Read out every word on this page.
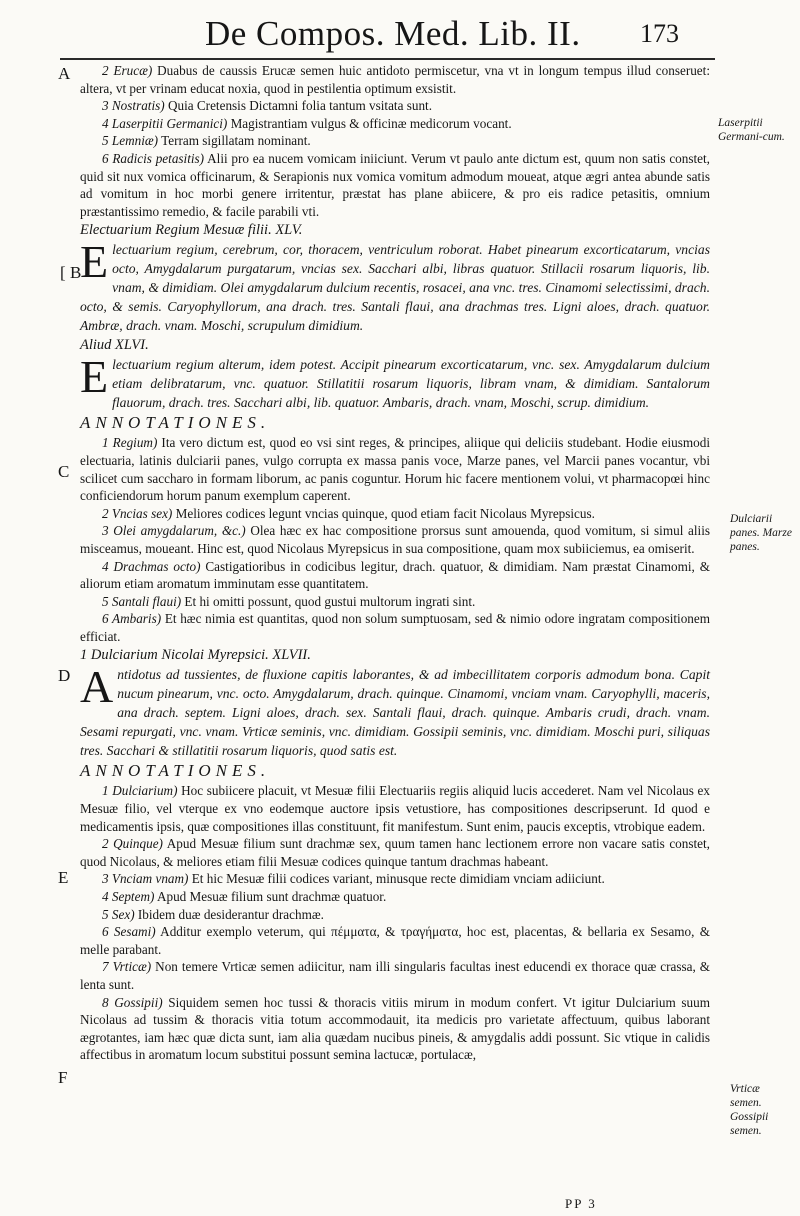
De Compos. Med. Lib. II. 173
A
B
[
C
D
E
F
Laserpitii Germani-cum.
Dulciarii panes. Marze panes.
Vrticæ semen. Gossipii semen.

2 Erucæ) Duabus de caussis Erucæ semen huic antidoto permiscetur, vna vt in longum tempus illud conseruet: altera, vt per vrinam educat noxia, quod in pestilentia optimum exsistit.

3 Nostratis) Quia Cretensis Dictamni folia tantum vsitata sunt.

4 Laserpitii Germanici) Magistrantiam vulgus & officinæ medicorum vocant.

5 Lemniæ) Terram sigillatam nominant.

6 Radicis petasitis) Alii pro ea nucem vomicam iniiciunt. Verum vt paulo ante dictum est, quum non satis constet, quid sit nux vomica officinarum, & Serapionis nux vomica vomitum admodum moueat, atque ægri antea abunde satis ad vomitum in hoc morbi genere irritentur, præstat has plane abiicere, & pro eis radice petasitis, omnium præstantissimo remedio, & facile parabili vti.

Electuarium Regium Mesuæ filii. XLV.

Electuarium regium, cerebrum, cor, thoracem, ventriculum roborat. Habet pinearum excorticatarum, vncias octo, Amygdalarum purgatarum, vncias sex. Sacchari albi, libras quatuor. Stillacii rosarum liquoris, lib. vnam, & dimidiam. Olei amygdalarum dulcium recentis, rosacei, ana vnc. tres. Cinamomi selectissimi, drach. octo, & semis. Caryophyllorum, ana drach. tres. Santali flaui, ana drachmas tres. Ligni aloes, drach. quatuor. Ambræ, drach. vnam. Moschi, scrupulum dimidium.

Aliud XLVI.

Electuarium regium alterum, idem potest. Accipit pinearum excorticatarum, vnc. sex. Amygdalarum dulcium etiam delibratarum, vnc. quatuor. Stillatitii rosarum liquoris, libram vnam, & dimidiam. Santalorum flauorum, drach. tres. Sacchari albi, lib. quatuor. Ambaris, drach. vnam, Moschi, scrup. dimidium.

ANNOTATIONES.

1 Regium) Ita vero dictum est, quod eo vsi sint reges, & principes, aliique qui deliciis studebant. Hodie eiusmodi electuaria, latinis dulciarii panes, vulgo corrupta ex massa panis voce, Marze panes, vel Marcii panes vocantur, vbi scilicet cum saccharo in formam liborum, ac panis coguntur. Horum hic facere mentionem volui, vt pharmacopœi hinc conficiendorum horum panum exemplum caperent.

2 Vncias sex) Meliores codices legunt vncias quinque, quod etiam facit Nicolaus Myrepsicus.

3 Olei amygdalarum, &c.) Olea hæc ex hac compositione prorsus sunt amouenda, quod vomitum, si simul aliis misceamus, moueant. Hinc est, quod Nicolaus Myrepsicus in sua compositione, quam mox subiiciemus, ea omiserit.

4 Drachmas octo) Castigatioribus in codicibus legitur, drach. quatuor, & dimidiam. Nam præstat Cinamomi, & aliorum etiam aromatum imminutam esse quantitatem.

5 Santali flaui) Et hi omitti possunt, quod gustui multorum ingrati sint.

6 Ambaris) Et hæc nimia est quantitas, quod non solum sumptuosam, sed & nimio odore ingratam compositionem efficiat.

1 Dulciarium Nicolai Myrepsici. XLVII.

Antidotus ad tussientes, de fluxione capitis laborantes, & ad imbecillitatem corporis admodum bona. Capit nucum pinearum, vnc. octo. Amygdalarum, drach. quinque. Cinamomi, vnciam vnam. Caryophylli, maceris, ana drach. septem. Ligni aloes, drach. sex. Santali flaui, drach. quinque. Ambaris crudi, drach. vnam. Sesami repurgati, vnc. vnam. Vrticæ seminis, vnc. dimidiam. Gossipii seminis, vnc. dimidiam. Moschi puri, siliquas tres. Sacchari & stillatitii rosarum liquoris, quod satis est.

ANNOTATIONES.

1 Dulciarium) Hoc subiicere placuit, vt Mesuæ filii Electuariis regiis aliquid lucis accederet. Nam vel Nicolaus ex Mesuæ filio, vel vterque ex vno eodemque auctore ipsis vetustiore, has compositiones descripserunt. Id quod e medicamentis ipsis, quæ compositiones illas constituunt, fit manifestum. Sunt enim, paucis exceptis, vtrobique eadem.

2 Quinque) Apud Mesuæ filium sunt drachmæ sex, quum tamen hanc lectionem errore non vacare satis constet, quod Nicolaus, & meliores etiam filii Mesuæ codices quinque tantum drachmas habeant.

3 Vnciam vnam) Et hic Mesuæ filii codices variant, minusque recte dimidiam vnciam adiiciunt.

4 Septem) Apud Mesuæ filium sunt drachmæ quatuor.

5 Sex) Ibidem duæ desiderantur drachmæ.

6 Sesami) Additur exemplo veterum, qui πέμματα, & τραγήματα, hoc est, placentas, & bellaria ex Sesamo, & melle parabant.

7 Vrticæ) Non temere Vrticæ semen adiicitur, nam illi singularis facultas inest educendi ex thorace quæ crassa, & lenta sunt.

8 Gossipii) Siquidem semen hoc tussi & thoracis vitiis mirum in modum confert. Vt igitur Dulciarium suum Nicolaus ad tussim & thoracis vitia totum accommodauit, ita medicis pro varietate affectuum, quibus laborant ægrotantes, iam hæc quæ dicta sunt, iam alia quædam nucibus pineis, & amygdalis addi possunt. Sic vtique in calidis affectibus in aromatum locum substitui possunt semina lactucæ, portulacæ,

PP 3
